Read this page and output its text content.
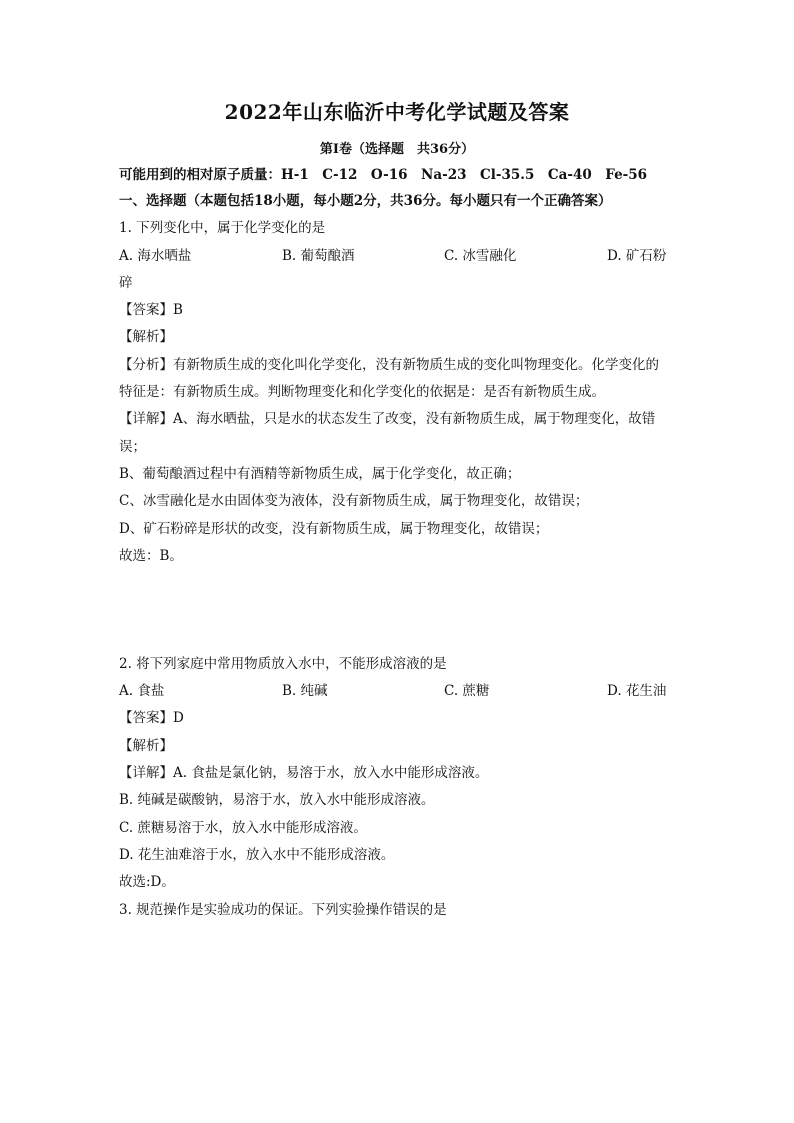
2022年山东临沂中考化学试题及答案
第I卷（选择题　共36分）
可能用到的相对原子质量：H-1　C-12　O-16　Na-23　Cl-35.5　Ca-40　Fe-56
一、选择题（本题包括18小题，每小题2分，共36分。每小题只有一个正确答案）
1. 下列变化中，属于化学变化的是
A. 海水晒盐	B. 葡萄酿酒	C. 冰雪融化	D. 矿石粉
碎
【答案】B
【解析】
【分析】有新物质生成的变化叫化学变化，没有新物质生成的变化叫物理变化。化学变化的
特征是：有新物质生成。判断物理变化和化学变化的依据是：是否有新物质生成。
【详解】A、海水晒盐，只是水的状态发生了改变，没有新物质生成，属于物理变化，故错
误；
B、葡萄酿酒过程中有酒精等新物质生成，属于化学变化，故正确；
C、冰雪融化是水由固体变为液体，没有新物质生成，属于物理变化，故错误；
D、矿石粉碎是形状的改变，没有新物质生成，属于物理变化，故错误；
故选：B。
2. 将下列家庭中常用物质放入水中，不能形成溶液的是
A. 食盐	B. 纯碱	C. 蔗糖	D. 花生油
【答案】D
【解析】
【详解】A. 食盐是氯化钠，易溶于水，放入水中能形成溶液。
B. 纯碱是碳酸钠，易溶于水，放入水中能形成溶液。
C. 蔗糖易溶于水，放入水中能形成溶液。
D. 花生油难溶于水，放入水中不能形成溶液。
故选:D。
3. 规范操作是实验成功的保证。下列实验操作错误的是
